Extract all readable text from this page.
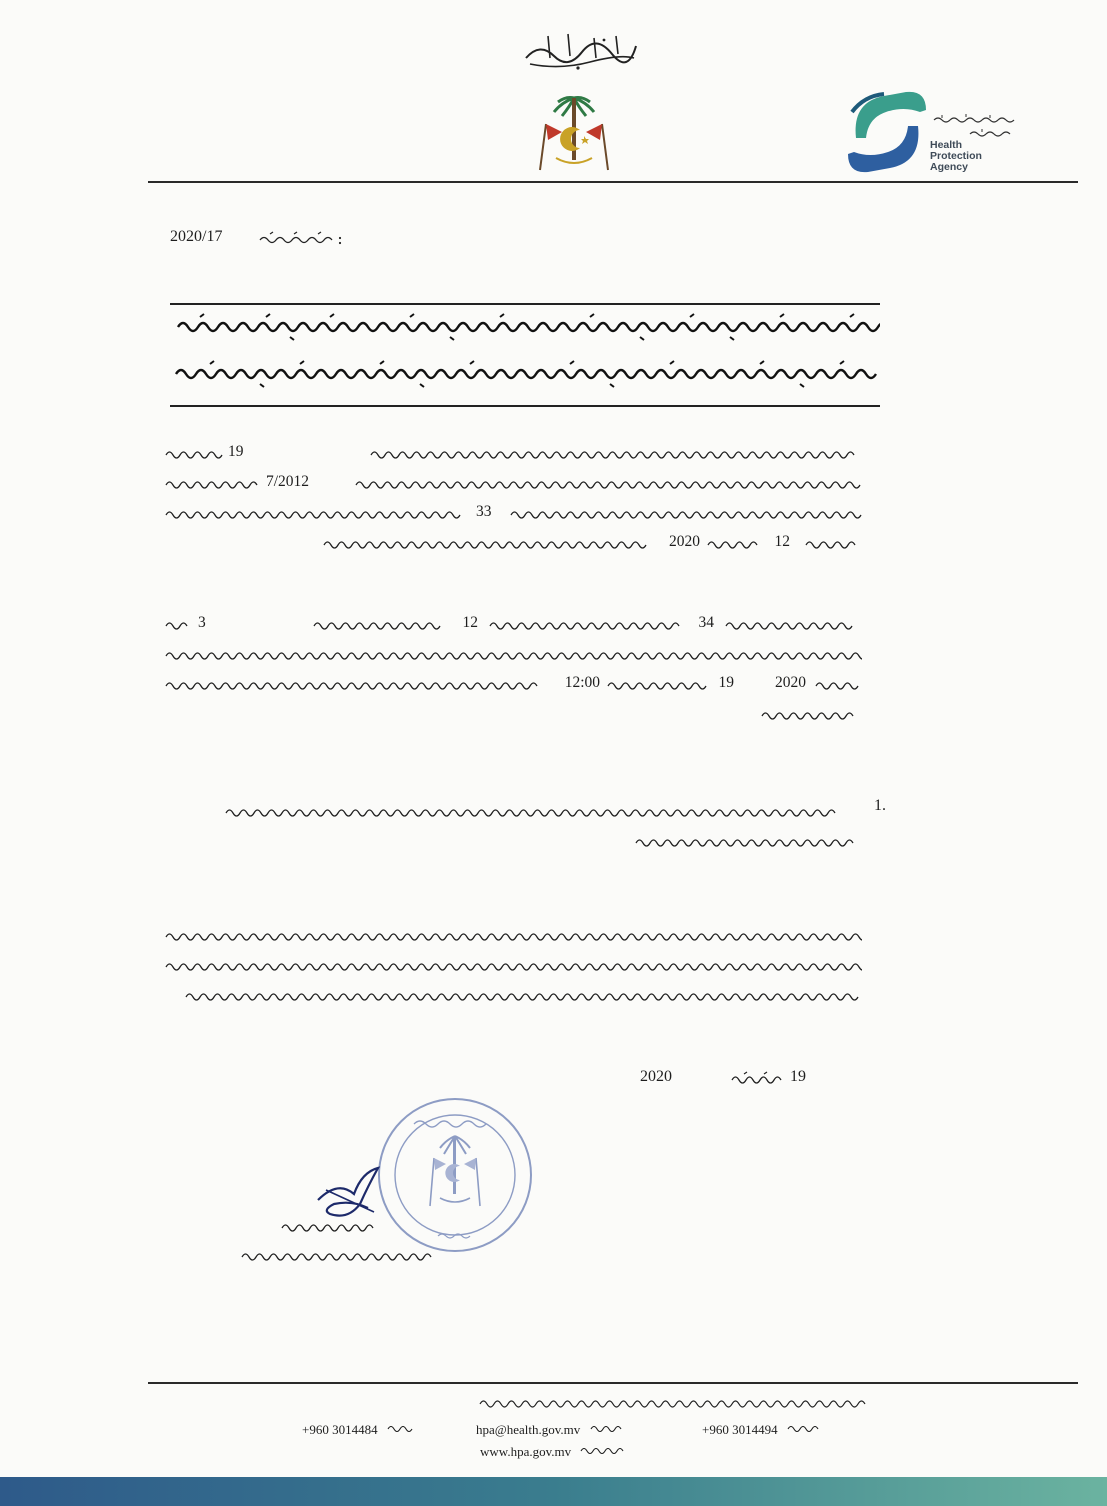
Health
Protection
Agency
2020/17
19
7/2012
33
12
2020
34
12
3
2020
19
12:00
1.
2020	19
+960 3014494
hpa@health.gov.mv
+960 3014484
www.hpa.gov.mv
